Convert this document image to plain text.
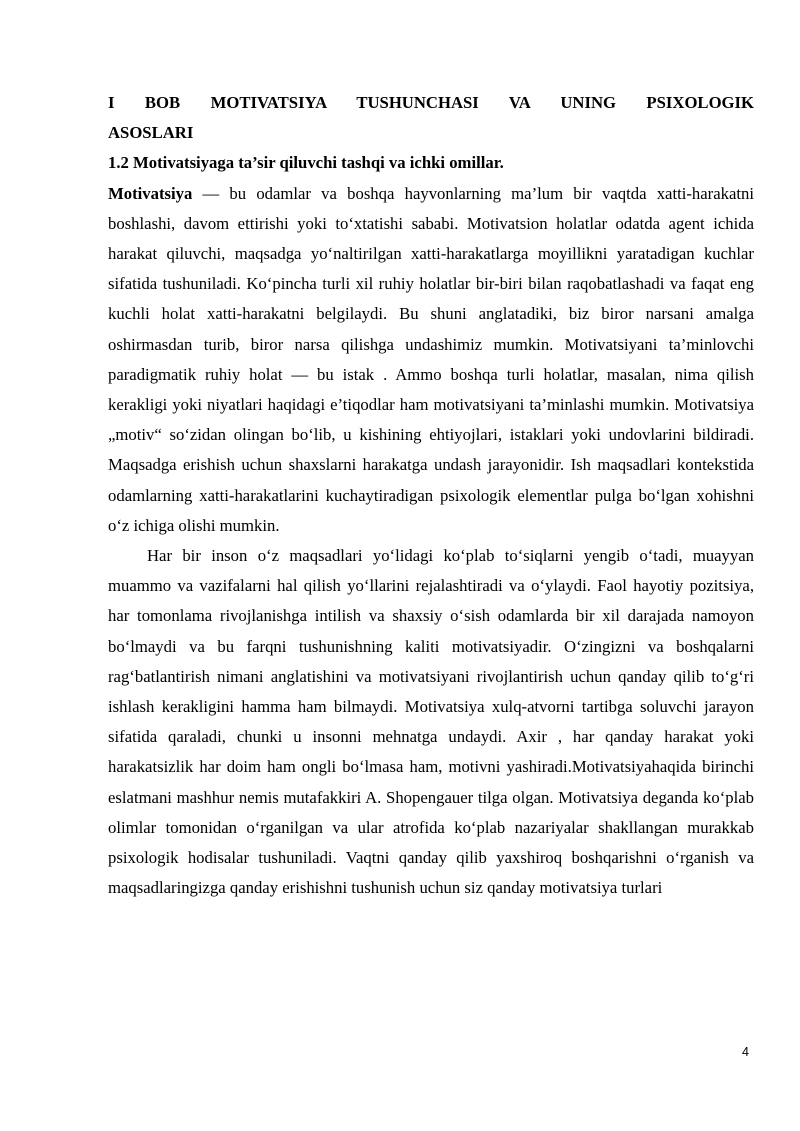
I BOB MOTIVATSIYA TUSHUNCHASI VA UNING PSIXOLOGIK
ASOSLARI
1.2 Motivatsiyaga ta’sir qiluvchi tashqi va ichki omillar.

Motivatsiya — bu odamlar va boshqa hayvonlarning ma’lum bir vaqtda xatti-harakatni boshlashi, davom ettirishi yoki to‘xtatishi sababi. Motivatsion holatlar odatda agent ichida harakat qiluvchi, maqsadga yo‘naltirilgan xatti-harakatlarga moyillikni yaratadigan kuchlar sifatida tushuniladi. Ko‘pincha turli xil ruhiy holatlar bir-biri bilan raqobatlashadi va faqat eng kuchli holat xatti-harakatni belgilaydi. Bu shuni anglatadiki, biz biror narsani amalga oshirmasdan turib, biror narsa qilishga undashimiz mumkin. Motivatsiyani ta’minlovchi paradigmatik ruhiy holat — bu istak . Ammo boshqa turli holatlar, masalan, nima qilish kerakligi yoki niyatlari haqidagi e’tiqodlar ham motivatsiyani ta’minlashi mumkin. Motivatsiya „motiv“ so‘zidan olingan bo‘lib, u kishining ehtiyojlari, istaklari yoki undovlarini bildiradi. Maqsadga erishish uchun shaxslarni harakatga undash jarayonidir. Ish maqsadlari kontekstida odamlarning xatti-harakatlarini kuchaytiradigan psixologik elementlar pulga bo‘lgan xohishni o‘z ichiga olishi mumkin.

Har bir inson o‘z maqsadlari yo‘lidagi ko‘plab to‘siqlarni yengib o‘tadi, muayyan muammo va vazifalarni hal qilish yo‘llarini rejalashtiradi va o‘ylaydi. Faol hayotiy pozitsiya, har tomonlama rivojlanishga intilish va shaxsiy o‘sish odamlarda bir xil darajada namoyon bo‘lmaydi va bu farqni tushunishning kaliti motivatsiyadir. O‘zingizni va boshqalarni rag‘batlantirish nimani anglatishini va motivatsiyani rivojlantirish uchun qanday qilib to‘g‘ri ishlash kerakligini hamma ham bilmaydi. Motivatsiya xulq-atvorni tartibga soluvchi jarayon sifatida qaraladi, chunki u insonni mehnatga undaydi. Axir , har qanday harakat yoki harakatsizlik har doim ham ongli bo‘lmasa ham, motivni yashiradi.Motivatsiyahaqida birinchi eslatmani mashhur nemis mutafakkiri A. Shopengauer tilga olgan. Motivatsiya deganda ko‘plab olimlar tomonidan o‘rganilgan va ular atrofida ko‘plab nazariyalar shakllangan murakkab psixologik hodisalar tushuniladi. Vaqtni qanday qilib yaxshiroq boshqarishni o‘rganish va maqsadlaringizga qanday erishishni tushunish uchun siz qanday motivatsiya turlari

4
